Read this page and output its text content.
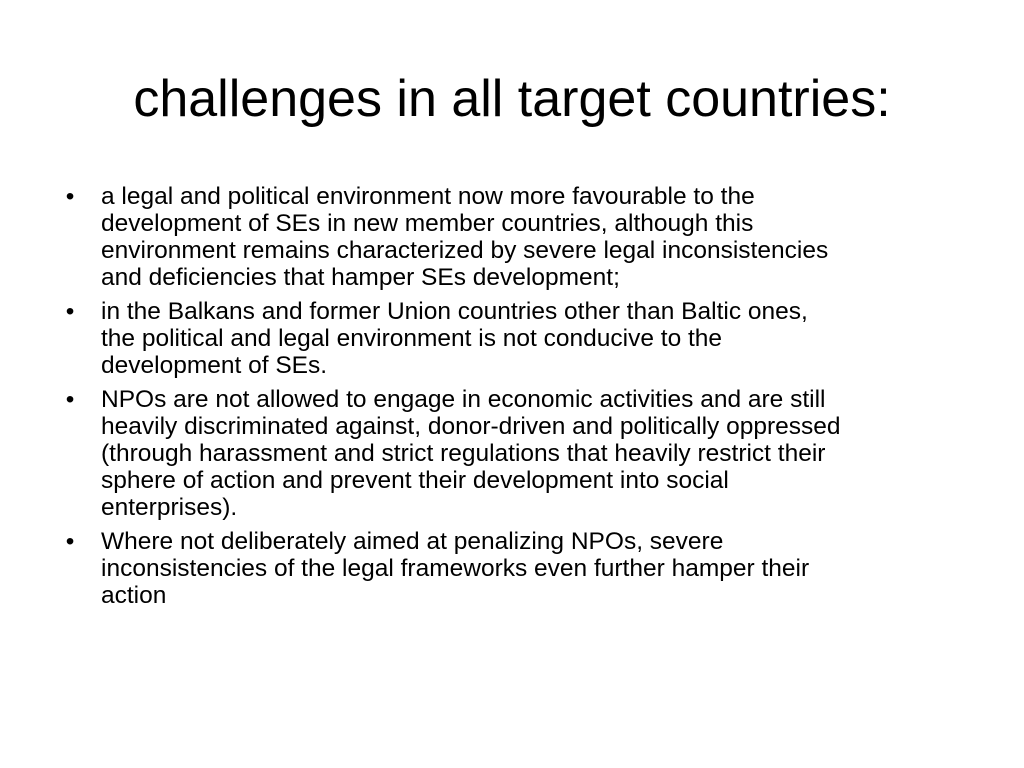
challenges in all target countries:
• a legal and political environment now more favourable to the
development of SEs in new member countries, although this
environment remains characterized by severe legal inconsistencies
and deficiencies that hamper SEs development;
• in the Balkans and former Union countries other than Baltic ones,
the political and legal environment is not conducive to the
development of SEs.
• NPOs are not allowed to engage in economic activities and are still
heavily discriminated against, donor-driven and politically oppressed
(through harassment and strict regulations that heavily restrict their
sphere of action and prevent their development into social
enterprises).
• Where not deliberately aimed at penalizing NPOs, severe
inconsistencies of the legal frameworks even further hamper their
action
